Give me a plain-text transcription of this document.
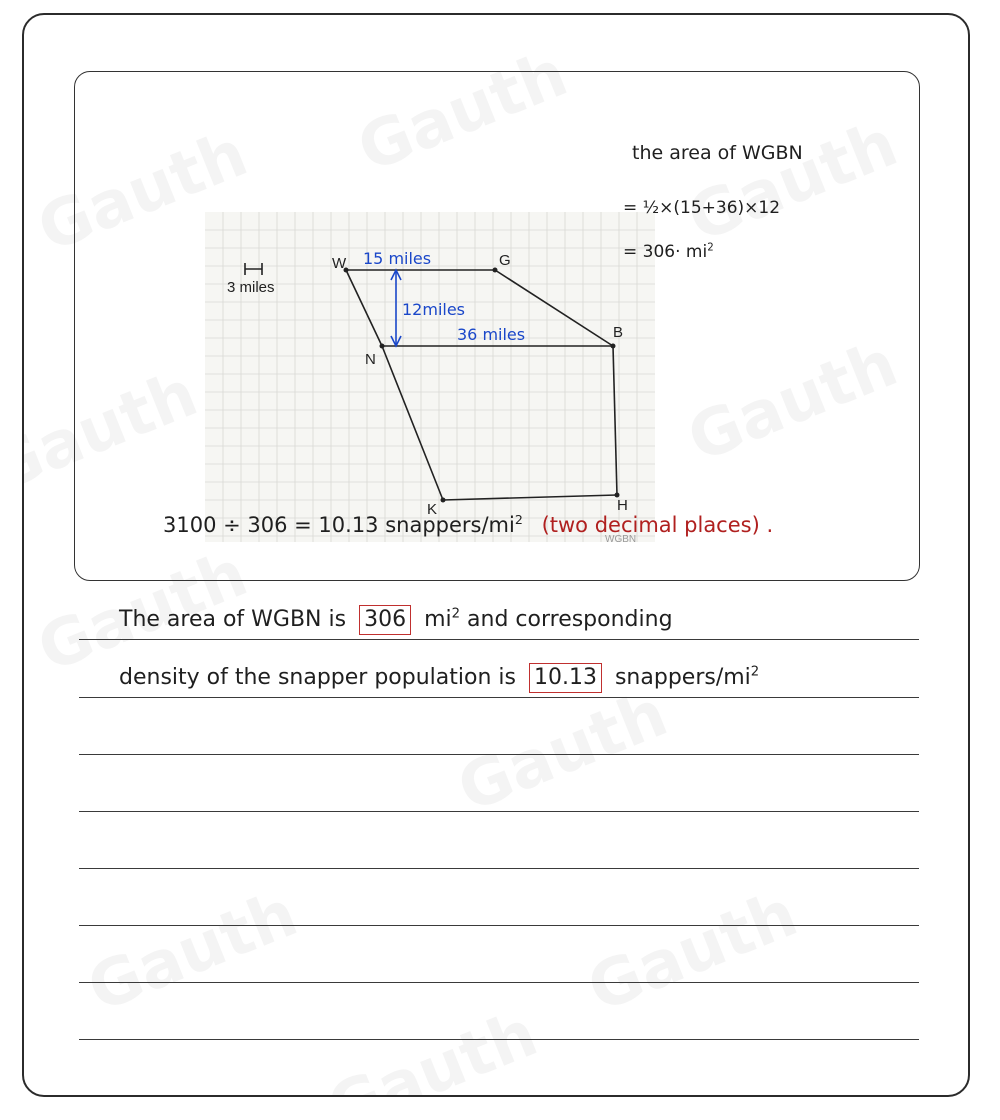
3 miles
W	G
B
N
K	H
15 miles
12miles
36 miles
WGBN
the area of WGBN
= ½×(15+36)×12
= $306\cdot mi^2$
3100 ÷ 306 = 10.13 snappers/$mi^2$ (two decimal places) .
The area of WGBN is 306 $mi^2$ and corresponding
density of the snapper population is 10.13 snappers/$mi^2$
